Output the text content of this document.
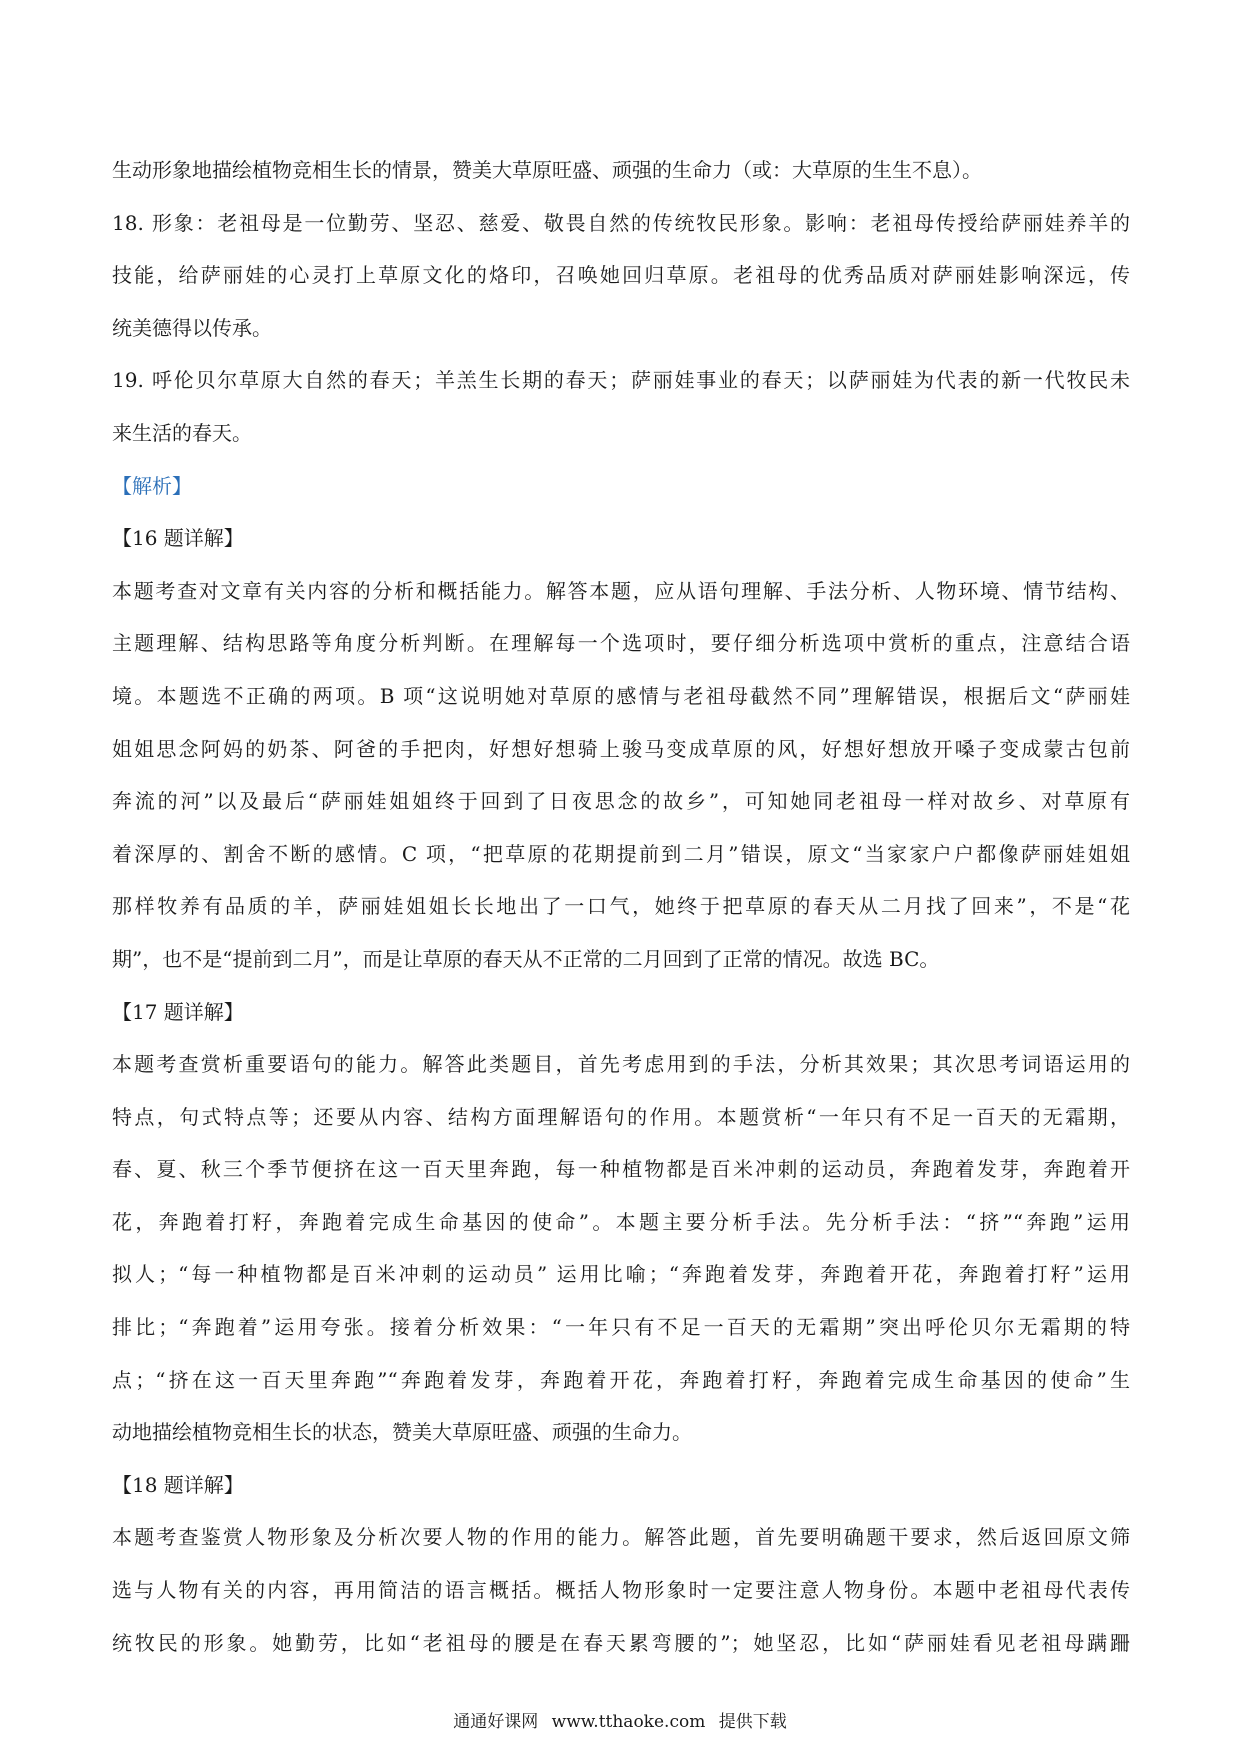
生动形象地描绘植物竞相生长的情景，赞美大草原旺盛、顽强的生命力（或：大草原的生生不息）。
18. 形象：老祖母是一位勤劳、坚忍、慈爱、敬畏自然的传统牧民形象。影响：老祖母传授给萨丽娃养羊的
技能，给萨丽娃的心灵打上草原文化的烙印，召唤她回归草原。老祖母的优秀品质对萨丽娃影响深远，传
统美德得以传承。
19. 呼伦贝尔草原大自然的春天；羊羔生长期的春天；萨丽娃事业的春天；以萨丽娃为代表的新一代牧民未
来生活的春天。
【解析】
【16 题详解】
本题考查对文章有关内容的分析和概括能力。解答本题，应从语句理解、手法分析、人物环境、情节结构、
主题理解、结构思路等角度分析判断。在理解每一个选项时，要仔细分析选项中赏析的重点，注意结合语
境。本题选不正确的两项。B 项“这说明她对草原的感情与老祖母截然不同”理解错误，根据后文“萨丽娃
姐姐思念阿妈的奶茶、阿爸的手把肉，好想好想骑上骏马变成草原的风，好想好想放开嗓子变成蒙古包前
奔流的河”以及最后“萨丽娃姐姐终于回到了日夜思念的故乡”，可知她同老祖母一样对故乡、对草原有
着深厚的、割舍不断的感情。C 项，“把草原的花期提前到二月”错误，原文“当家家户户都像萨丽娃姐姐
那样牧养有品质的羊，萨丽娃姐姐长长地出了一口气，她终于把草原的春天从二月找了回来”，不是“花
期”，也不是“提前到二月”，而是让草原的春天从不正常的二月回到了正常的情况。故选 BC。
【17 题详解】
本题考查赏析重要语句的能力。解答此类题目，首先考虑用到的手法，分析其效果；其次思考词语运用的
特点，句式特点等；还要从内容、结构方面理解语句的作用。本题赏析“一年只有不足一百天的无霜期，
春、夏、秋三个季节便挤在这一百天里奔跑，每一种植物都是百米冲刺的运动员，奔跑着发芽，奔跑着开
花，奔跑着打籽，奔跑着完成生命基因的使命”。本题主要分析手法。先分析手法：“挤”“奔跑”运用
拟人；“每一种植物都是百米冲刺的运动员” 运用比喻；“奔跑着发芽，奔跑着开花，奔跑着打籽”运用
排比；“奔跑着”运用夸张。接着分析效果：“一年只有不足一百天的无霜期”突出呼伦贝尔无霜期的特
点；“挤在这一百天里奔跑”“奔跑着发芽，奔跑着开花，奔跑着打籽，奔跑着完成生命基因的使命”生
动地描绘植物竞相生长的状态，赞美大草原旺盛、顽强的生命力。
【18 题详解】
本题考查鉴赏人物形象及分析次要人物的作用的能力。解答此题，首先要明确题干要求，然后返回原文筛
选与人物有关的内容，再用简洁的语言概括。概括人物形象时一定要注意人物身份。本题中老祖母代表传
统牧民的形象。她勤劳，比如“老祖母的腰是在春天累弯腰的”；她坚忍，比如“萨丽娃看见老祖母蹒跚
通通好课网 www.tthaoke.com 提供下载
